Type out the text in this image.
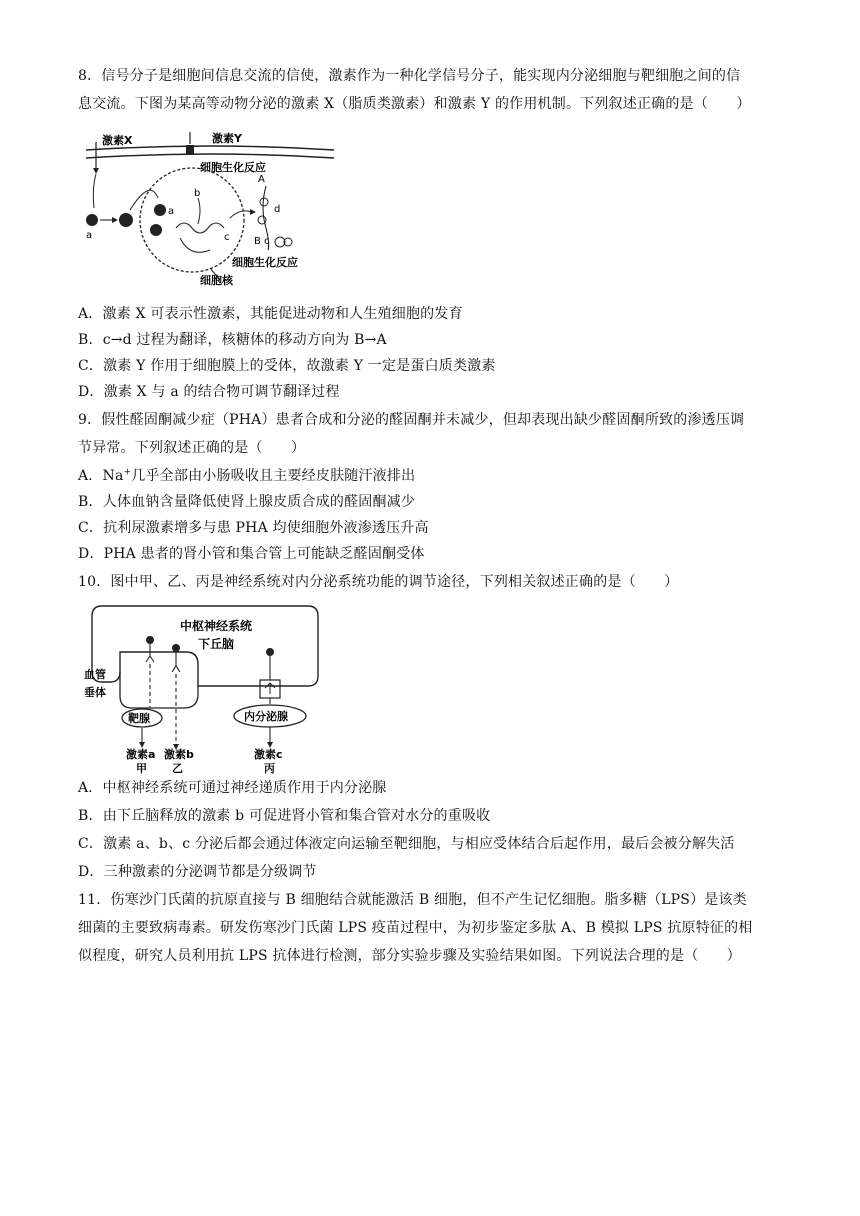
8．信号分子是细胞间信息交流的信使，激素作为一种化学信号分子，能实现内分泌细胞与靶细胞之间的信
息交流。下图为某高等动物分泌的激素 X（脂质类激素）和激素 Y 的作用机制。下列叙述正确的是（　　）
激素X	激素Y
细胞生化反应
a
a
b
c
A
d
B c
细胞生化反应
细胞核
A．激素 X 可表示性激素，其能促进动物和人生殖细胞的发育
B．c→d 过程为翻译，核糖体的移动方向为 B→A
C．激素 Y 作用于细胞膜上的受体，故激素 Y 一定是蛋白质类激素
D．激素 X 与 a 的结合物可调节翻译过程
9．假性醛固酮减少症（PHA）患者合成和分泌的醛固酮并未减少，但却表现出缺少醛固酮所致的渗透压调
节异常。下列叙述正确的是（　　）
A．Na+几乎全部由小肠吸收且主要经皮肤随汗液排出
B．人体血钠含量降低使肾上腺皮质合成的醛固酮减少
C．抗利尿激素增多与患 PHA 均使细胞外液渗透压升高
D．PHA 患者的肾小管和集合管上可能缺乏醛固酮受体
10．图中甲、乙、丙是神经系统对内分泌系统功能的调节途径，下列相关叙述正确的是（　　）
中枢神经系统
下丘脑
血管
垂体
靶腺
激素a
甲
激素b
乙
内分泌腺
激素c
丙
A．中枢神经系统可通过神经递质作用于内分泌腺
B．由下丘脑释放的激素 b 可促进肾小管和集合管对水分的重吸收
C．激素 a、b、c 分泌后都会通过体液定向运输至靶细胞，与相应受体结合后起作用，最后会被分解失活
D．三种激素的分泌调节都是分级调节
11．伤寒沙门氏菌的抗原直接与 B 细胞结合就能激活 B 细胞，但不产生记忆细胞。脂多糖（LPS）是该类
细菌的主要致病毒素。研发伤寒沙门氏菌 LPS 疫苗过程中，为初步鉴定多肽 A、B 模拟 LPS 抗原特征的相
似程度，研究人员利用抗 LPS 抗体进行检测，部分实验步骤及实验结果如图。下列说法合理的是（　　）
